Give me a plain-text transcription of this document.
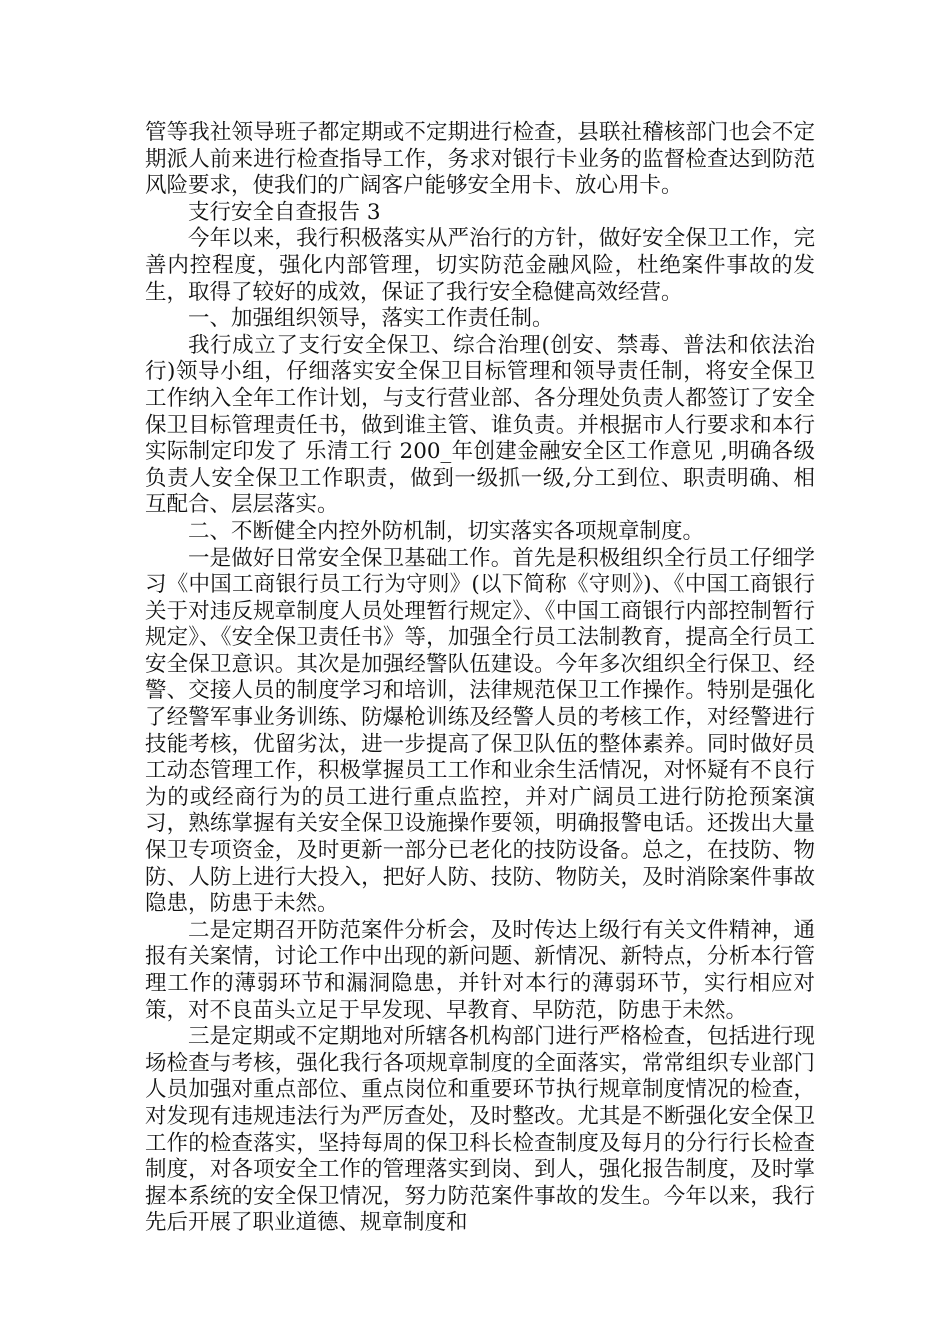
管等我社领导班子都定期或不定期进行检查，县联社稽核部门也会不定期派人前来进行检查指导工作，务求对银行卡业务的监督检查达到防范风险要求，使我们的广阔客户能够安全用卡、放心用卡。

支行安全自查报告 3

今年以来，我行积极落实从严治行的方针，做好安全保卫工作，完善内控程度，强化内部管理，切实防范金融风险，杜绝案件事故的发生，取得了较好的成效，保证了我行安全稳健高效经营。

一、加强组织领导，落实工作责任制。

我行成立了支行安全保卫、综合治理(创安、禁毒、普法和依法治行)领导小组，仔细落实安全保卫目标管理和领导责任制，将安全保卫工作纳入全年工作计划，与支行营业部、各分理处负责人都签订了安全保卫目标管理责任书，做到谁主管、谁负责。并根据市人行要求和本行实际制定印发了 乐清工行 200_年创建金融安全区工作意见 ,明确各级负责人安全保卫工作职责，做到一级抓一级,分工到位、职责明确、相互配合、层层落实。

二、不断健全内控外防机制，切实落实各项规章制度。

一是做好日常安全保卫基础工作。首先是积极组织全行员工仔细学习《中国工商银行员工行为守则》(以下简称《守则》)、《中国工商银行关于对违反规章制度人员处理暂行规定》、《中国工商银行内部控制暂行规定》、《安全保卫责任书》等，加强全行员工法制教育，提高全行员工安全保卫意识。其次是加强经警队伍建设。今年多次组织全行保卫、经警、交接人员的制度学习和培训，法律规范保卫工作操作。特别是强化了经警军事业务训练、防爆枪训练及经警人员的考核工作，对经警进行技能考核，优留劣汰，进一步提高了保卫队伍的整体素养。同时做好员工动态管理工作，积极掌握员工工作和业余生活情况，对怀疑有不良行为的或经商行为的员工进行重点监控，并对广阔员工进行防抢预案演习，熟练掌握有关安全保卫设施操作要领，明确报警电话。还拨出大量保卫专项资金，及时更新一部分已老化的技防设备。总之，在技防、物防、人防上进行大投入，把好人防、技防、物防关，及时消除案件事故隐患，防患于未然。

二是定期召开防范案件分析会，及时传达上级行有关文件精神，通报有关案情，讨论工作中出现的新问题、新情况、新特点，分析本行管理工作的薄弱环节和漏洞隐患，并针对本行的薄弱环节，实行相应对策，对不良苗头立足于早发现、早教育、早防范，防患于未然。

三是定期或不定期地对所辖各机构部门进行严格检查，包括进行现场检查与考核，强化我行各项规章制度的全面落实，常常组织专业部门人员加强对重点部位、重点岗位和重要环节执行规章制度情况的检查，对发现有违规违法行为严厉查处，及时整改。尤其是不断强化安全保卫工作的检查落实，坚持每周的保卫科长检查制度及每月的分行行长检查制度，对各项安全工作的管理落实到岗、到人，强化报告制度，及时掌握本系统的安全保卫情况，努力防范案件事故的发生。今年以来，我行先后开展了职业道德、规章制度和
